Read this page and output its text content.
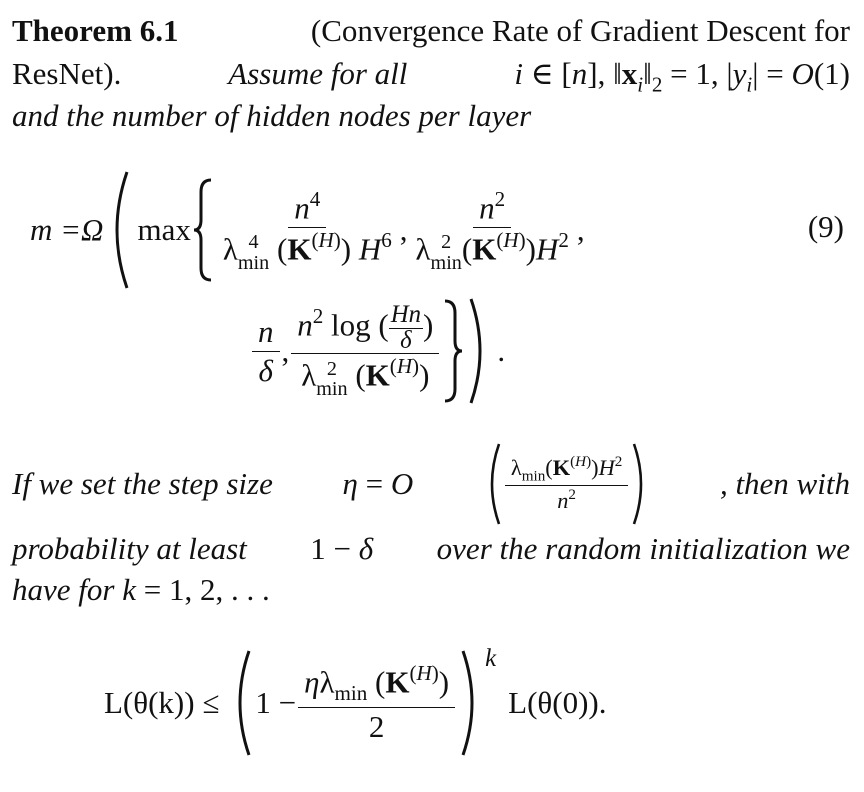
Theorem 6.1	(Convergence Rate of Gradient Descent for
ResNet).	Assume for all	i ∈ [n], $‖x_i‖_2 = 1$, $|y_i| = O(1)$
and the number of hidden nodes per layer
m =Ω $\max n^4$
λ 4
$\min (K^{(H)})$ $H^6$ , $n^2$
λ 2
$\min (K^{(H)})H^2$ ,	(9)
$\frac{n}{\delta}$ , $n^2$ log ( $\frac{Hn}{\delta}$ )
λ 2
$\min (K^{(H)})$ .
If we set the step size η = O	$\frac{\lambda_{min}(K^{(H)})H^2}{n^2}$	, then with
probability at least 1 − δ over the random initialization we
have for k = 1, 2, . . .
$L(\theta(k)) \le 1 - \frac{\eta\lambda_{min} (K^{(H)})}{2}$
k
L(θ(0)).
